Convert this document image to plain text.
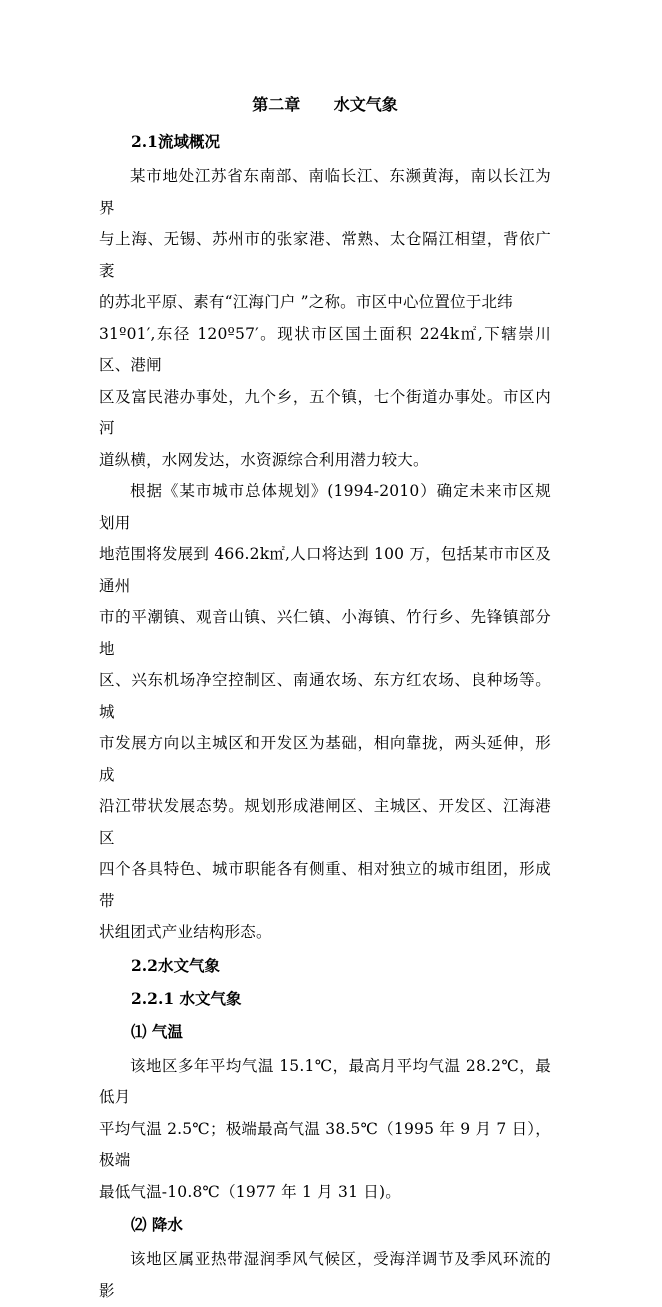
第二章      水文气象
2.1流域概况
某市地处江苏省东南部、南临长江、东濒黄海，南以长江为界
与上海、无锡、苏州市的张家港、常熟、太仓隔江相望，背依广袤
的苏北平原、素有“江海门户 ”之称。市区中心位置位于北纬
31º01′,东径 120º57′。现状市区国土面积 224k㎡,下辖崇川区、港闸
区及富民港办事处，九个乡，五个镇，七个街道办事处。市区内河
道纵横，水网发达，水资源综合利用潜力较大。
根据《某市城市总体规划》(1994-2010）确定未来市区规划用
地范围将发展到 466.2k㎡,人口将达到 100 万，包括某市市区及通州
市的平潮镇、观音山镇、兴仁镇、小海镇、竹行乡、先锋镇部分地
区、兴东机场净空控制区、南通农场、东方红农场、良种场等。城
市发展方向以主城区和开发区为基础，相向靠拢，两头延伸，形成
沿江带状发展态势。规划形成港闸区、主城区、开发区、江海港区
四个各具特色、城市职能各有侧重、相对独立的城市组团，形成带
状组团式产业结构形态。
2.2水文气象
2.2.1 水文气象
⑴ 气温
该地区多年平均气温 15.1℃，最高月平均气温 28.2℃，最低月
平均气温 2.5℃；极端最高气温 38.5℃（1995 年 9 月 7 日），极端
最低气温-10.8℃（1977 年 1 月 31 日)。
⑵ 降水
该地区属亚热带湿润季风气候区，受海洋调节及季风环流的影
